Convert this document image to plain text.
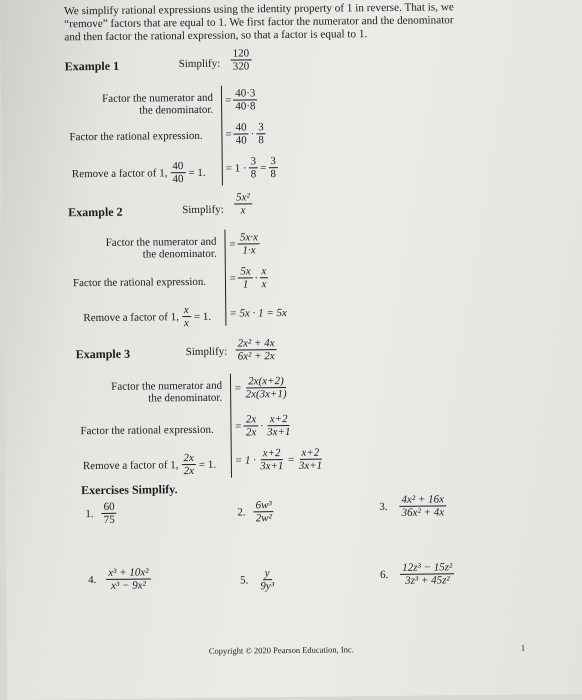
We simplify rational expressions using the identity property of 1 in reverse. That is, we
“remove” factors that are equal to 1. We first factor the numerator and the denominator
and then factor the rational expression, so that a factor is equal to 1.
Example 1	Simplify: $\frac{120}{320}$
Factor the numerator and
the denominator.
= $\frac{40\cdot 3}{40\cdot 8}$
Factor the rational expression. = $\frac{40}{40} \cdot \frac{3}{8}$
Remove a factor of 1, $\frac{40}{40} = 1$. = $1 \cdot \frac{3}{8} = \frac{3}{8}$
Example 2	Simplify: $\frac{\text{5x²}}{x}$
Factor the numerator and
the denominator.
= $\frac{5x\cdot x}{1\cdot x}$
Factor the rational expression. = $\frac{5x}{1} \cdot \frac{x}{x}$
Remove a factor of 1, $\frac{x}{x} = 1$. = 5x · 1 = 5x
Example 3	Simplify: $\frac{\text{2x² + 4x}}{\text{6x² + 2x}}$
Factor the numerator and
the denominator.
= $\frac{2x(x+2)}{2x(3x+1)}$
Factor the rational expression. = $\frac{2x}{2x} \cdot \frac{x+2}{3x+1}$
Remove a factor of 1, $\frac{2x}{2x} = 1$. = $1 \cdot \frac{x+2}{3x+1} = \frac{x+2}{3x+1}$
Exercises Simplify.
1. $\frac{60}{75}$	2. $\frac{\text{6w³}}{\text{2w²}}$	3. $\frac{\text{4x² + 16x}}{\text{36x² + 4x}}$
4. $\frac{\text{x³ + 10x²}}{\text{x³ − 9x²}}$	5. $\frac{y}{\text{9y³}}$	6. $\frac{\text{12z³ − 15z²}}{\text{3z³ + 45z²}}$
Copyright © 2020 Pearson Education, Inc.	1
